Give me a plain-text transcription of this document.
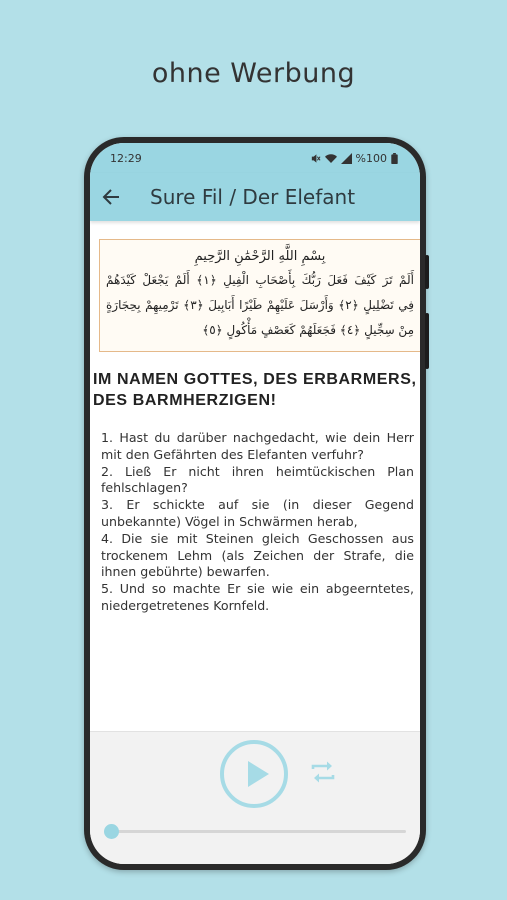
ohne Werbung
12:29	%100
Sure Fil / Der Elefant
بِسْمِ اللَّهِ الرَّحْمَٰنِ الرَّحِيمِ
أَلَمْ تَرَ كَيْفَ فَعَلَ رَبُّكَ بِأَصْحَابِ الْفِيلِ ﴿١﴾ أَلَمْ يَجْعَلْ كَيْدَهُمْ
فِي تَضْلِيلٍ ﴿٢﴾ وَأَرْسَلَ عَلَيْهِمْ طَيْرًا أَبَابِيلَ ﴿٣﴾ تَرْمِيهِمْ بِحِجَارَةٍ
مِنْ سِجِّيلٍ ﴿٤﴾ فَجَعَلَهُمْ كَعَصْفٍ مَأْكُولٍ ﴿٥﴾
IM NAMEN GOTTES, DES ERBARMERS, DES BARMHERZIGEN!
1. Hast du darüber nachgedacht, wie dein Herr mit den Gefährten des Elefanten verfuhr?
2. Ließ Er nicht ihren heimtückischen Plan fehlschlagen?
3. Er schickte auf sie (in dieser Gegend unbekannte) Vögel in Schwärmen herab,
4. Die sie mit Steinen gleich Geschossen aus trockenem Lehm (als Zeichen der Strafe, die ihnen gebührte) bewarfen.
5. Und so machte Er sie wie ein abgeerntetes, niedergetretenes Kornfeld.
